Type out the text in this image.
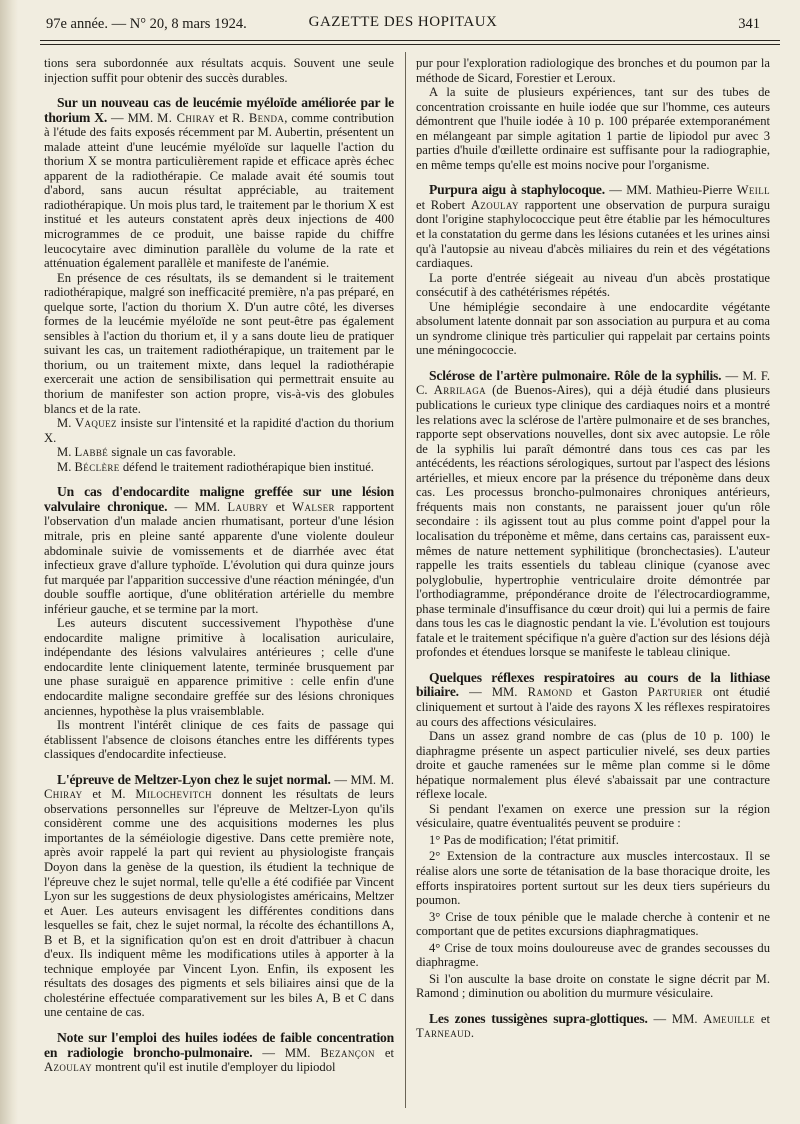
97e année. — N° 20, 8 mars 1924.	GAZETTE DES HOPITAUX	341

tions sera subordonnée aux résultats acquis. Souvent une seule injection suffit pour obtenir des succès durables.

Sur un nouveau cas de leucémie myéloïde améliorée par le thorium X. — MM. M. Chiray et R. Benda, comme contribution à l'étude des faits exposés récemment par M. Aubertin, présentent un malade atteint d'une leucémie myéloïde sur laquelle l'action du thorium X se montra particulièrement rapide et efficace après échec apparent de la radiothérapie. Ce malade avait été soumis tout d'abord, sans aucun résultat appréciable, au traitement radiothérapique. Un mois plus tard, le traitement par le thorium X est institué et les auteurs constatent après deux injections de 400 microgrammes de ce produit, une baisse rapide du chiffre leucocytaire avec diminution parallèle du volume de la rate et atténuation également parallèle et manifeste de l'anémie.

En présence de ces résultats, ils se demandent si le traitement radiothérapique, malgré son inefficacité première, n'a pas préparé, en quelque sorte, l'action du thorium X. D'un autre côté, les diverses formes de la leucémie myéloïde ne sont peut-être pas également sensibles à l'action du thorium et, il y a sans doute lieu de pratiquer suivant les cas, un traitement radiothérapique, un traitement par le thorium, ou un traitement mixte, dans lequel la radiothérapie exercerait une action de sensibilisation qui permettrait ensuite au thorium de manifester son action propre, vis-à-vis des globules blancs et de la rate.

M. Vaquez insiste sur l'intensité et la rapidité d'action du thorium X.

M. Labbé signale un cas favorable.

M. Béclère défend le traitement radiothérapique bien institué.

Un cas d'endocardite maligne greffée sur une lésion valvulaire chronique. — MM. Laubry et Walser rapportent l'observation d'un malade ancien rhumatisant, porteur d'une lésion mitrale, pris en pleine santé apparente d'une violente douleur abdominale suivie de vomissements et de diarrhée avec état infectieux grave d'allure typhoïde. L'évolution qui dura quinze jours fut marquée par l'apparition successive d'une réaction méningée, d'un double souffle aortique, d'une oblitération artérielle du membre inférieur gauche, et se termine par la mort.

Les auteurs discutent successivement l'hypothèse d'une endocardite maligne primitive à localisation auriculaire, indépendante des lésions valvulaires antérieures ; celle d'une endocardite lente cliniquement latente, terminée brusquement par une phase suraiguë en apparence primitive : celle enfin d'une endocardite maligne secondaire greffée sur des lésions chroniques anciennes, hypothèse la plus vraisemblable.

Ils montrent l'intérêt clinique de ces faits de passage qui établissent l'absence de cloisons étanches entre les différents types classiques d'endocardite infectieuse.

L'épreuve de Meltzer-Lyon chez le sujet normal. — MM. M. Chiray et M. Milochevitch donnent les résultats de leurs observations personnelles sur l'épreuve de Meltzer-Lyon qu'ils considèrent comme une des acquisitions modernes les plus importantes de la séméiologie digestive. Dans cette première note, après avoir rappelé la part qui revient au physiologiste français Doyon dans la genèse de la question, ils étudient la technique de l'épreuve chez le sujet normal, telle qu'elle a été codifiée par Vincent Lyon sur les suggestions de deux physiologistes américains, Meltzer et Auer. Les auteurs envisagent les différentes conditions dans lesquelles se fait, chez le sujet normal, la récolte des échantillons A, B et B, et la signification qu'on est en droit d'attribuer à chacun d'eux. Ils indiquent même les modifications utiles à apporter à la technique employée par Vincent Lyon. Enfin, ils exposent les résultats des dosages des pigments et sels biliaires ainsi que de la cholestérine effectuée comparativement sur les biles A, B et C dans une centaine de cas.

Note sur l'emploi des huiles iodées de faible concentration en radiologie broncho-pulmonaire. — MM. Bezançon et Azoulay montrent qu'il est inutile d'employer du lipiodol

pur pour l'exploration radiologique des bronches et du poumon par la méthode de Sicard, Forestier et Leroux.

A la suite de plusieurs expériences, tant sur des tubes de concentration croissante en huile iodée que sur l'homme, ces auteurs démontrent que l'huile iodée à 10 p. 100 préparée extemporanément en mélangeant par simple agitation 1 partie de lipiodol pur avec 3 parties d'huile d'œillette ordinaire est suffisante pour la radiographie, en même temps qu'elle est moins nocive pour l'organisme.

Purpura aigu à staphylocoque. — MM. Mathieu-Pierre Weill et Robert Azoulay rapportent une observation de purpura suraigu dont l'origine staphylococcique peut être établie par les hémocultures et la constatation du germe dans les lésions cutanées et les urines ainsi qu'à l'autopsie au niveau d'abcès miliaires du rein et des végétations cardiaques.

La porte d'entrée siégeait au niveau d'un abcès prostatique consécutif à des cathétérismes répétés.

Une hémiplégie secondaire à une endocardite végétante absolument latente donnait par son association au purpura et au coma un syndrome clinique très particulier qui rappelait par certains points une méningococcie.

Sclérose de l'artère pulmonaire. Rôle de la syphilis. — M. F. C. Arrilaga (de Buenos-Aires), qui a déjà étudié dans plusieurs publications le curieux type clinique des cardiaques noirs et a montré les relations avec la sclérose de l'artère pulmonaire et de ses branches, rapporte sept observations nouvelles, dont six avec autopsie. Le rôle de la syphilis lui paraît démontré dans tous ces cas par les antécédents, les réactions sérologiques, surtout par l'aspect des lésions artérielles, et mieux encore par la présence du tréponème dans deux cas. Les processus broncho-pulmonaires chroniques antérieurs, fréquents mais non constants, ne paraissent jouer qu'un rôle secondaire : ils agissent tout au plus comme point d'appel pour la localisation du tréponème et même, dans certains cas, paraissent eux-mêmes de nature nettement syphilitique (bronchectasies). L'auteur rappelle les traits essentiels du tableau clinique (cyanose avec polyglobulie, hypertrophie ventriculaire droite démontrée par l'orthodiagramme, prépondérance droite de l'électrocardiogramme, phase terminale d'insuffisance du cœur droit) qui lui a permis de faire dans tous les cas le diagnostic pendant la vie. L'évolution est toujours fatale et le traitement spécifique n'a guère d'action sur des lésions déjà profondes et étendues lorsque se manifeste le tableau clinique.

Quelques réflexes respiratoires au cours de la lithiase biliaire. — MM. Ramond et Gaston Parturier ont étudié cliniquement et surtout à l'aide des rayons X les réflexes respiratoires au cours des affections vésiculaires.

Dans un assez grand nombre de cas (plus de 10 p. 100) le diaphragme présente un aspect particulier nivelé, ses deux parties droite et gauche ramenées sur le même plan comme si le dôme hépatique normalement plus élevé s'abaissait par une contracture réflexe locale.

Si pendant l'examen on exerce une pression sur la région vésiculaire, quatre éventualités peuvent se produire :

1° Pas de modification; l'état primitif.

2° Extension de la contracture aux muscles intercostaux. Il se réalise alors une sorte de tétanisation de la base thoracique droite, les efforts inspiratoires portent surtout sur les deux tiers supérieurs du poumon.

3° Crise de toux pénible que le malade cherche à contenir et ne comportant que de petites excursions diaphragmatiques.

4° Crise de toux moins douloureuse avec de grandes secousses du diaphragme.

Si l'on ausculte la base droite on constate le signe décrit par M. Ramond ; diminution ou abolition du murmure vésiculaire.

Les zones tussigènes supra-glottiques. — MM. Ameuille et Tarneaud.
